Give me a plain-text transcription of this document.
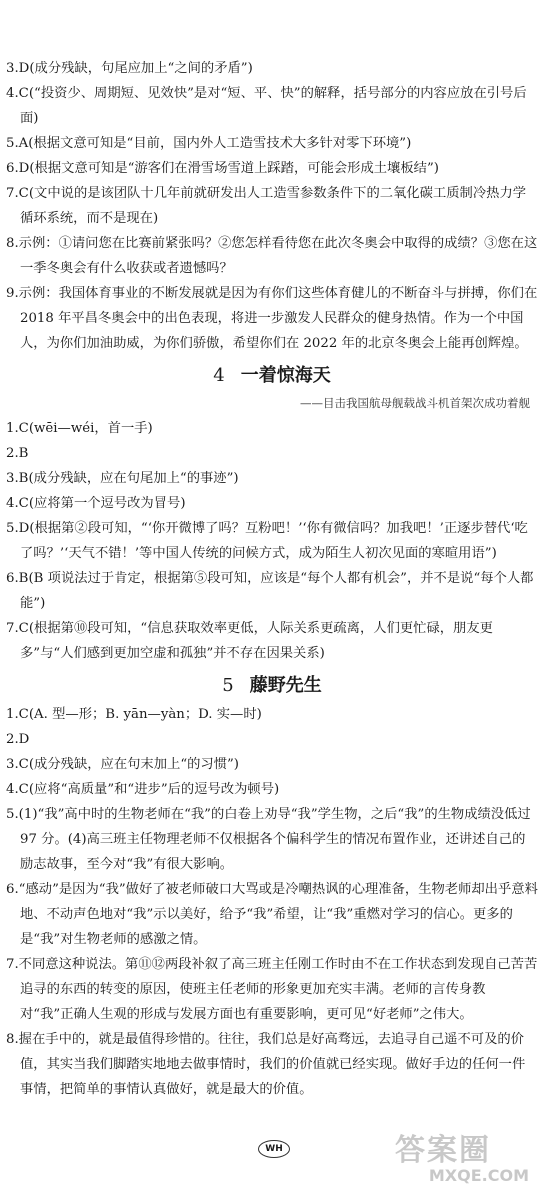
3.D(成分残缺，句尾应加上“之间的矛盾”)

4.C(“投资少、周期短、见效快”是对“短、平、快”的解释，括号部分的内容应放在引号后面)

5.A(根据文意可知是“目前，国内外人工造雪技术大多针对零下环境”)

6.D(根据文意可知是“游客们在滑雪场雪道上踩踏，可能会形成土壤板结”)

7.C(文中说的是该团队十几年前就研发出人工造雪参数条件下的二氧化碳工质制冷热力学循环系统，而不是现在)

8.示例：①请问您在比赛前紧张吗？②您怎样看待您在此次冬奥会中取得的成绩？③您在这一季冬奥会有什么收获或者遗憾吗？

9.示例：我国体育事业的不断发展就是因为有你们这些体育健儿的不断奋斗与拼搏，你们在 2018 年平昌冬奥会中的出色表现，将进一步激发人民群众的健身热情。作为一个中国人，为你们加油助威，为你们骄傲，希望你们在 2022 年的北京冬奥会上能再创辉煌。

4 一着惊海天

——目击我国航母舰载战斗机首架次成功着舰

1.C(wēi—wéi，首一手)

2.B

3.B(成分残缺，应在句尾加上“的事迹”)

4.C(应将第一个逗号改为冒号)

5.D(根据第②段可知，“‘你开微博了吗？互粉吧！’‘你有微信吗？加我吧！’正逐步替代‘吃了吗？’‘天气不错！’等中国人传统的问候方式，成为陌生人初次见面的寒暄用语”)

6.B(B 项说法过于肯定，根据第⑤段可知，应该是“每个人都有机会”，并不是说“每个人都能”)

7.C(根据第⑩段可知，“信息获取效率更低，人际关系更疏离，人们更忙碌，朋友更多”与“人们感到更加空虚和孤独”并不存在因果关系)

5 藤野先生

1.C(A. 型—形；B. yān—yàn；D. 实—时)

2.D

3.C(成分残缺，应在句末加上“的习惯”)

4.C(应将“高质量”和“进步”后的逗号改为顿号)

5.(1)“我”高中时的生物老师在“我”的白卷上劝导“我”学生物，之后“我”的生物成绩没低过 97 分。(4)高三班主任物理老师不仅根据各个偏科学生的情况布置作业，还讲述自己的励志故事，至今对“我”有很大影响。

6.“感动”是因为“我”做好了被老师破口大骂或是冷嘲热讽的心理准备，生物老师却出乎意料地、不动声色地对“我”示以美好，给予“我”希望，让“我”重燃对学习的信心。更多的是“我”对生物老师的感激之情。

7.不同意这种说法。第⑪⑫两段补叙了高三班主任刚工作时由不在工作状态到发现自己苦苦追寻的东西的转变的原因，使班主任老师的形象更加充实丰满。老师的言传身教对“我”正确人生观的形成与发展方面也有重要影响，更可见“好老师”之伟大。

8.握在手中的，就是最值得珍惜的。往往，我们总是好高骛远，去追寻自己遥不可及的价值，其实当我们脚踏实地地去做事情时，我们的价值就已经实现。做好手边的任何一件事情，把简单的事情认真做好，就是最大的价值。

WH	答案圈
MXQE.COM
